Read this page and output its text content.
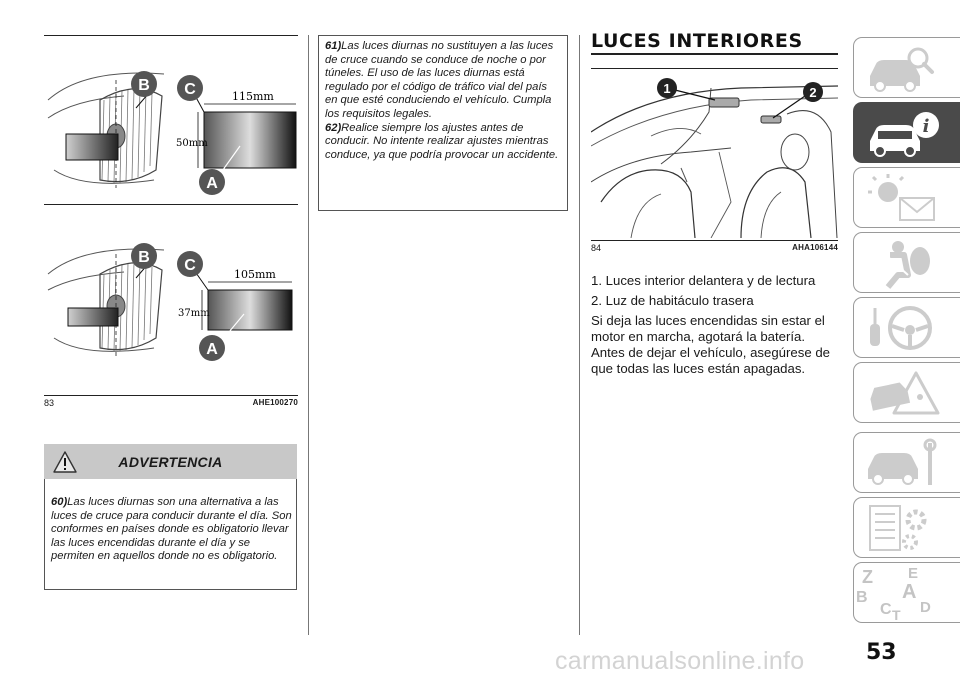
115mm
50mm
B C
A
105mm
37mm
B C
A
83	AHE100270
ADVERTENCIA
60)Las luces diurnas son una alternativa a las luces de cruce para conducir durante el día. Son conformes en países donde es obligatorio llevar las luces encendidas durante el día y se permiten en aquellos donde no es obligatorio.
61)Las luces diurnas no sustituyen a las luces de cruce cuando se conduce de noche o por túneles. El uso de las luces diurnas está regulado por el código de tráfico vial del país en que esté conduciendo el vehículo. Cumpla los requisitos legales.
62)Realice siempre los ajustes antes de conducir. No intente realizar ajustes mientras conduce, ya que podría provocar un accidente.
LUCES INTERIORES
1	2
84	AHA106144

1. Luces interior delantera y de lectura

2. Luz de habitáculo trasera

Si deja las luces encendidas sin estar el motor en marcha, agotará la batería. Antes de dejar el vehículo, asegúrese de que todas las luces están apagadas.

i
Z E
B A
C T D
53
carmanualsonline.info
